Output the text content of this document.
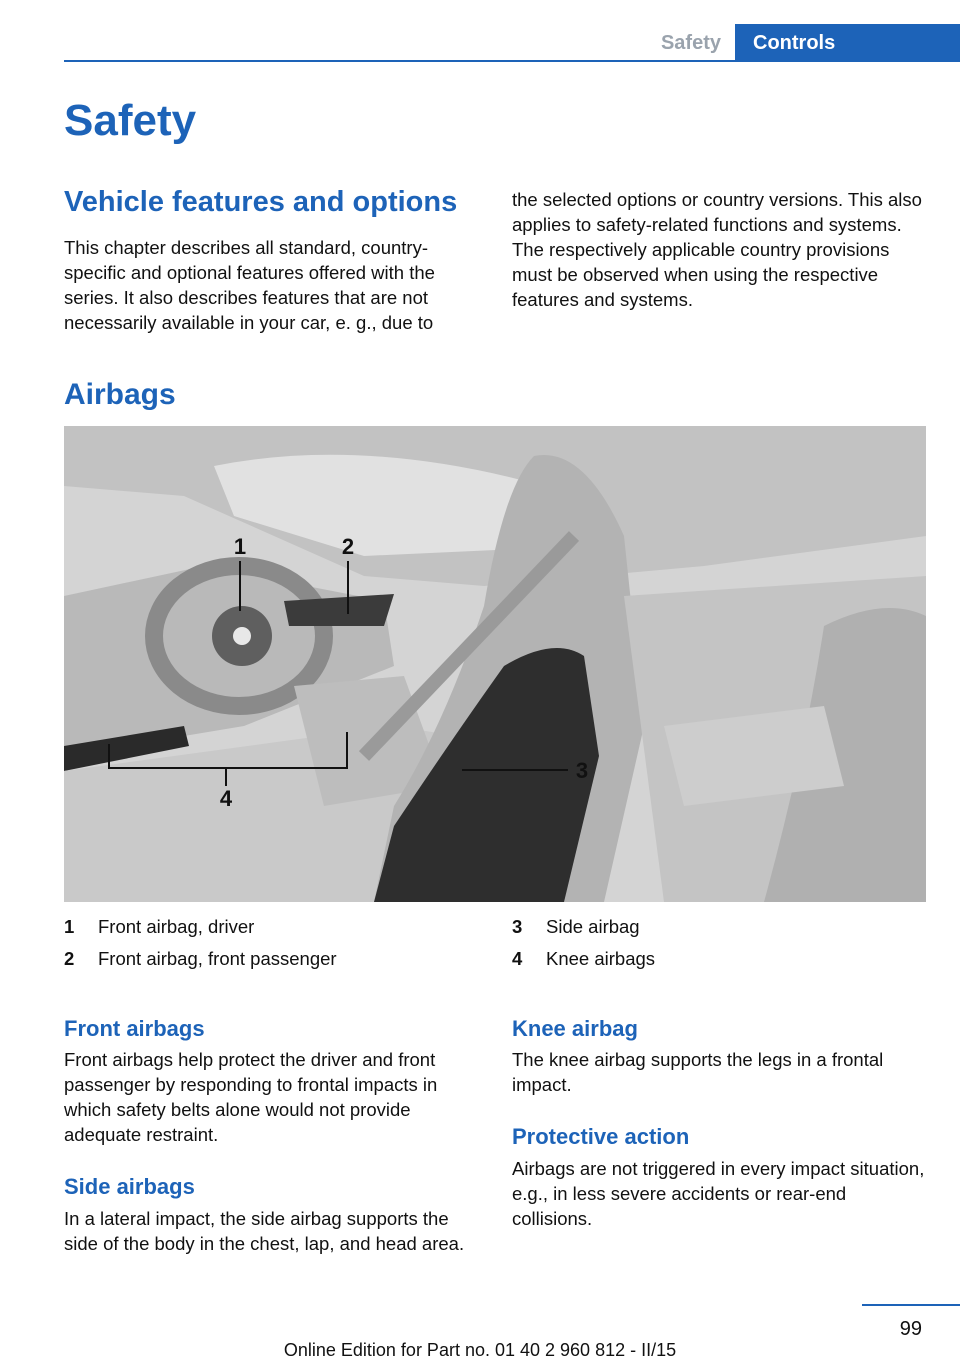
Safety	Controls
Safety
Vehicle features and options

This chapter describes all standard, country-specific and optional features offered with the series. It also describes features that are not necessarily available in your car, e. g., due to

the selected options or country versions. This also applies to safety-related functions and systems. The respectively applicable country provisions must be observed when using the respective features and systems.

Airbags
1	2
3
4
1 Front airbag, driver
2 Front airbag, front passenger
3 Side airbag
4 Knee airbags
Front airbags

Front airbags help protect the driver and front passenger by responding to frontal impacts in which safety belts alone would not provide adequate restraint.

Side airbags

In a lateral impact, the side airbag supports the side of the body in the chest, lap, and head area.

Knee airbag

The knee airbag supports the legs in a frontal impact.

Protective action

Airbags are not triggered in every impact situation, e.g., in less severe accidents or rear-end collisions.

99
Online Edition for Part no. 01 40 2 960 812 - II/15
